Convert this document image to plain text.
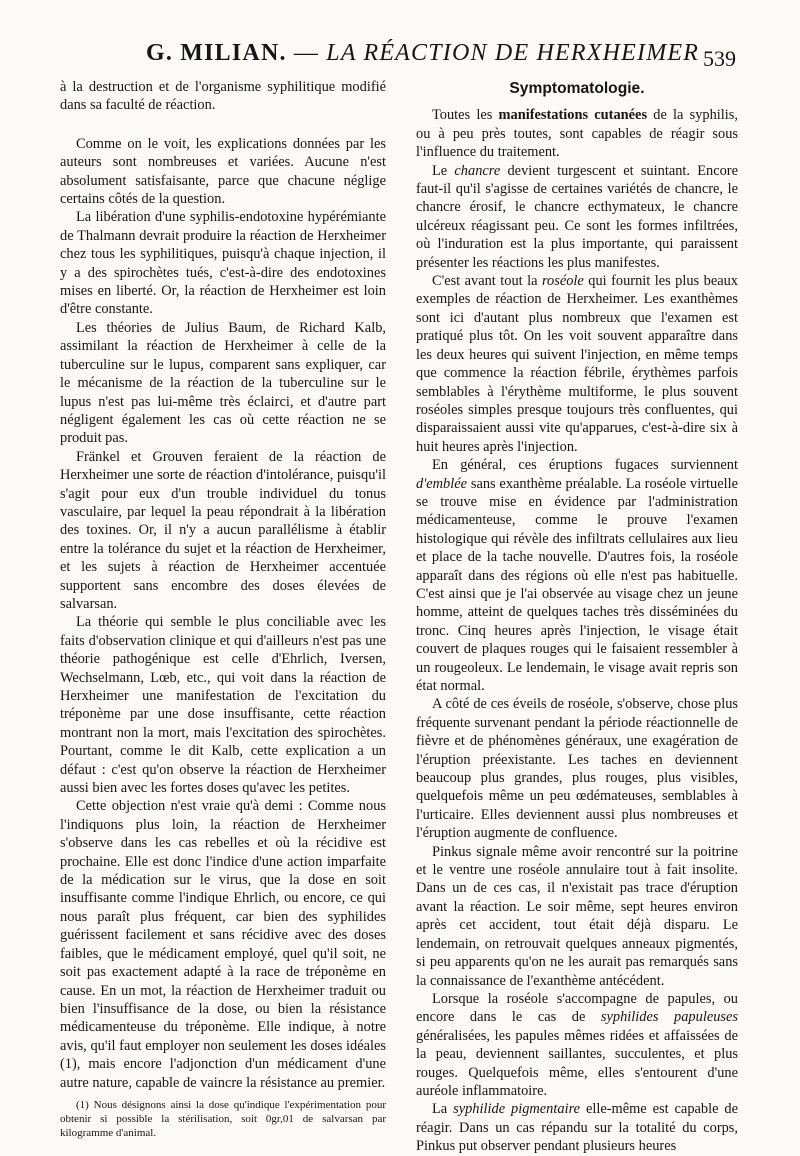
G. MILIAN. — LA RÉACTION DE HERXHEIMER 539

à la destruction et de l'organisme syphilitique modifié dans sa faculté de réaction.

Comme on le voit, les explications données par les auteurs sont nombreuses et variées. Aucune n'est absolument satisfaisante, parce que chacune néglige certains côtés de la question.

La libération d'une syphilis-endotoxine hypérémiante de Thalmann devrait produire la réaction de Herxheimer chez tous les syphilitiques, puisqu'à chaque injection, il y a des spirochètes tués, c'est-à-dire des endotoxines mises en liberté. Or, la réaction de Herxheimer est loin d'être constante.

Les théories de Julius Baum, de Richard Kalb, assimilant la réaction de Herxheimer à celle de la tuberculine sur le lupus, comparent sans expliquer, car le mécanisme de la réaction de la tuberculine sur le lupus n'est pas lui-même très éclairci, et d'autre part négligent également les cas où cette réaction ne se produit pas.

Fränkel et Grouven feraient de la réaction de Herxheimer une sorte de réaction d'intolérance, puisqu'il s'agit pour eux d'un trouble individuel du tonus vasculaire, par lequel la peau répondrait à la libération des toxines. Or, il n'y a aucun parallélisme à établir entre la tolérance du sujet et la réaction de Herxheimer, et les sujets à réaction de Herxheimer accentuée supportent sans encombre des doses élevées de salvarsan.

La théorie qui semble le plus conciliable avec les faits d'observation clinique et qui d'ailleurs n'est pas une théorie pathogénique est celle d'Ehrlich, Iversen, Wechselmann, Lœb, etc., qui voit dans la réaction de Herxheimer une manifestation de l'excitation du tréponème par une dose insuffisante, cette réaction montrant non la mort, mais l'excitation des spirochètes. Pourtant, comme le dit Kalb, cette explication a un défaut : c'est qu'on observe la réaction de Herxheimer aussi bien avec les fortes doses qu'avec les petites.

Cette objection n'est vraie qu'à demi : Comme nous l'indiquons plus loin, la réaction de Herxheimer s'observe dans les cas rebelles et où la récidive est prochaine. Elle est donc l'indice d'une action imparfaite de la médication sur le virus, que la dose en soit insuffisante comme l'indique Ehrlich, ou encore, ce qui nous paraît plus fréquent, car bien des syphilides guérissent facilement et sans récidive avec des doses faibles, que le médicament employé, quel qu'il soit, ne soit pas exactement adapté à la race de tréponème en cause. En un mot, la réaction de Herxheimer traduit ou bien l'insuffisance de la dose, ou bien la résistance médicamenteuse du tréponème. Elle indique, à notre avis, qu'il faut employer non seulement les doses idéales (1), mais encore l'adjonction d'un médicament d'une autre nature, capable de vaincre la résistance au premier.

(1) Nous désignons ainsi la dose qu'indique l'expérimentation pour obtenir si possible la stérilisation, soit 0gr,01 de salvarsan par kilogramme d'animal.
Symptomatologie.

Toutes les manifestations cutanées de la syphilis, ou à peu près toutes, sont capables de réagir sous l'influence du traitement.

Le chancre devient turgescent et suintant. Encore faut-il qu'il s'agisse de certaines variétés de chancre, le chancre érosif, le chancre ecthymateux, le chancre ulcéreux réagissant peu. Ce sont les formes infiltrées, où l'induration est la plus importante, qui paraissent présenter les réactions les plus manifestes.

C'est avant tout la roséole qui fournit les plus beaux exemples de réaction de Herxheimer. Les exanthèmes sont ici d'autant plus nombreux que l'examen est pratiqué plus tôt. On les voit souvent apparaître dans les deux heures qui suivent l'injection, en même temps que commence la réaction fébrile, érythèmes parfois semblables à l'érythème multiforme, le plus souvent roséoles simples presque toujours très confluentes, qui disparaissaient aussi vite qu'apparues, c'est-à-dire six à huit heures après l'injection.

En général, ces éruptions fugaces surviennent d'emblée sans exanthème préalable. La roséole virtuelle se trouve mise en évidence par l'administration médicamenteuse, comme le prouve l'examen histologique qui révèle des infiltrats cellulaires aux lieu et place de la tache nouvelle. D'autres fois, la roséole apparaît dans des régions où elle n'est pas habituelle. C'est ainsi que je l'ai observée au visage chez un jeune homme, atteint de quelques taches très disséminées du tronc. Cinq heures après l'injection, le visage était couvert de plaques rouges qui le faisaient ressembler à un rougeoleux. Le lendemain, le visage avait repris son état normal.

A côté de ces éveils de roséole, s'observe, chose plus fréquente survenant pendant la période réactionnelle de fièvre et de phénomènes généraux, une exagération de l'éruption préexistante. Les taches en deviennent beaucoup plus grandes, plus rouges, plus visibles, quelquefois même un peu œdémateuses, semblables à l'urticaire. Elles deviennent aussi plus nombreuses et l'éruption augmente de confluence.

Pinkus signale même avoir rencontré sur la poitrine et le ventre une roséole annulaire tout à fait insolite. Dans un de ces cas, il n'existait pas trace d'éruption avant la réaction. Le soir même, sept heures environ après cet accident, tout était déjà disparu. Le lendemain, on retrouvait quelques anneaux pigmentés, si peu apparents qu'on ne les aurait pas remarqués sans la connaissance de l'exanthème antécédent.

Lorsque la roséole s'accompagne de papules, ou encore dans le cas de syphilides papuleuses généralisées, les papules mêmes ridées et affaissées de la peau, deviennent saillantes, succulentes, et plus rouges. Quelquefois même, elles s'entourent d'une auréole inflammatoire.

La syphilide pigmentaire elle-même est capable de réagir. Dans un cas répandu sur la totalité du corps, Pinkus put observer pendant plusieurs heures
